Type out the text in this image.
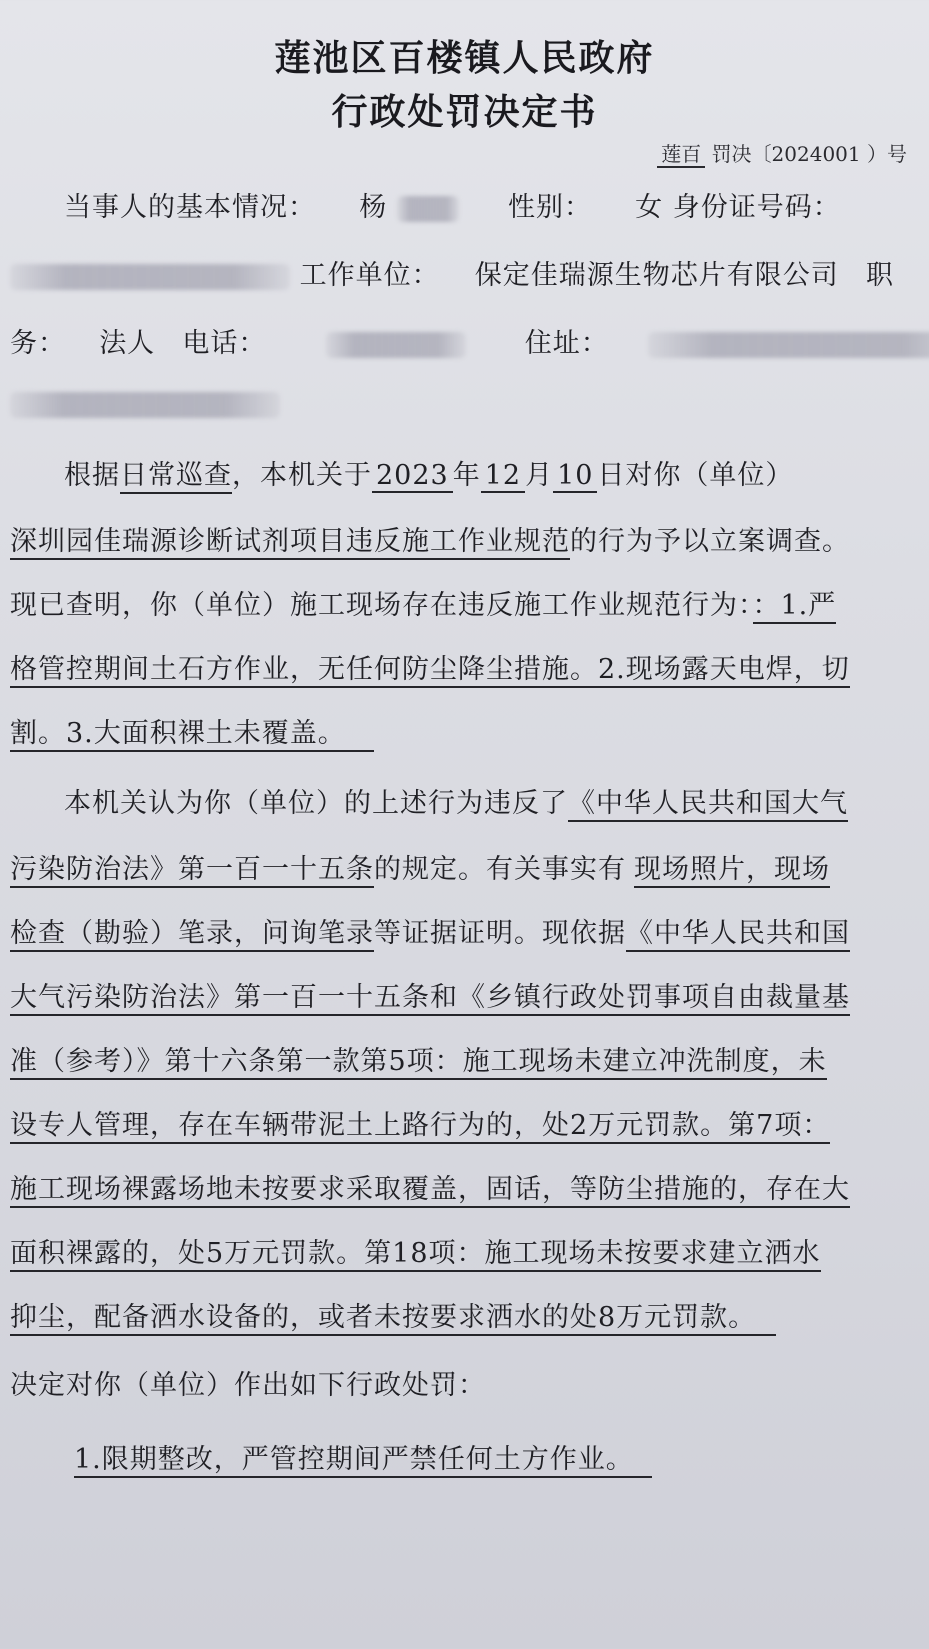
莲池区百楼镇人民政府
行政处罚决定书
莲百 罚决〔2024001 ）号
当事人的基本情况： 杨	性别： 女 身份证号码：
工作单位： 保定佳瑞源生物芯片有限公司 职
务： 法人 电话：	住址：
根据日常巡查，本机关于 2023 年 12 月 10 日对你（单位）
深圳园佳瑞源诊断试剂项目违反施工作业规范的行为予以立案调查。
现已查明，你（单位）施工现场存在违反施工作业规范行为：：1.严
格管控期间土石方作业，无任何防尘降尘措施。2.现场露天电焊，切
割。3.大面积裸土未覆盖。
本机关认为你（单位）的上述行为违反了《中华人民共和国大气
污染防治法》第一百一十五条的规定。有关事实有 现场照片，现场
检查（勘验）笔录，问询笔录等证据证明。现依据《中华人民共和国
大气污染防治法》第一百一十五条和《乡镇行政处罚事项自由裁量基
准（参考）》第十六条第一款第5项：施工现场未建立冲洗制度，未
设专人管理，存在车辆带泥土上路行为的，处2万元罚款。第7项：
施工现场裸露场地未按要求采取覆盖，固话，等防尘措施的，存在大
面积裸露的，处5万元罚款。第18项：施工现场未按要求建立洒水
抑尘，配备洒水设备的，或者未按要求洒水的处8万元罚款。
决定对你（单位）作出如下行政处罚：
1.限期整改，严管控期间严禁任何土方作业。
